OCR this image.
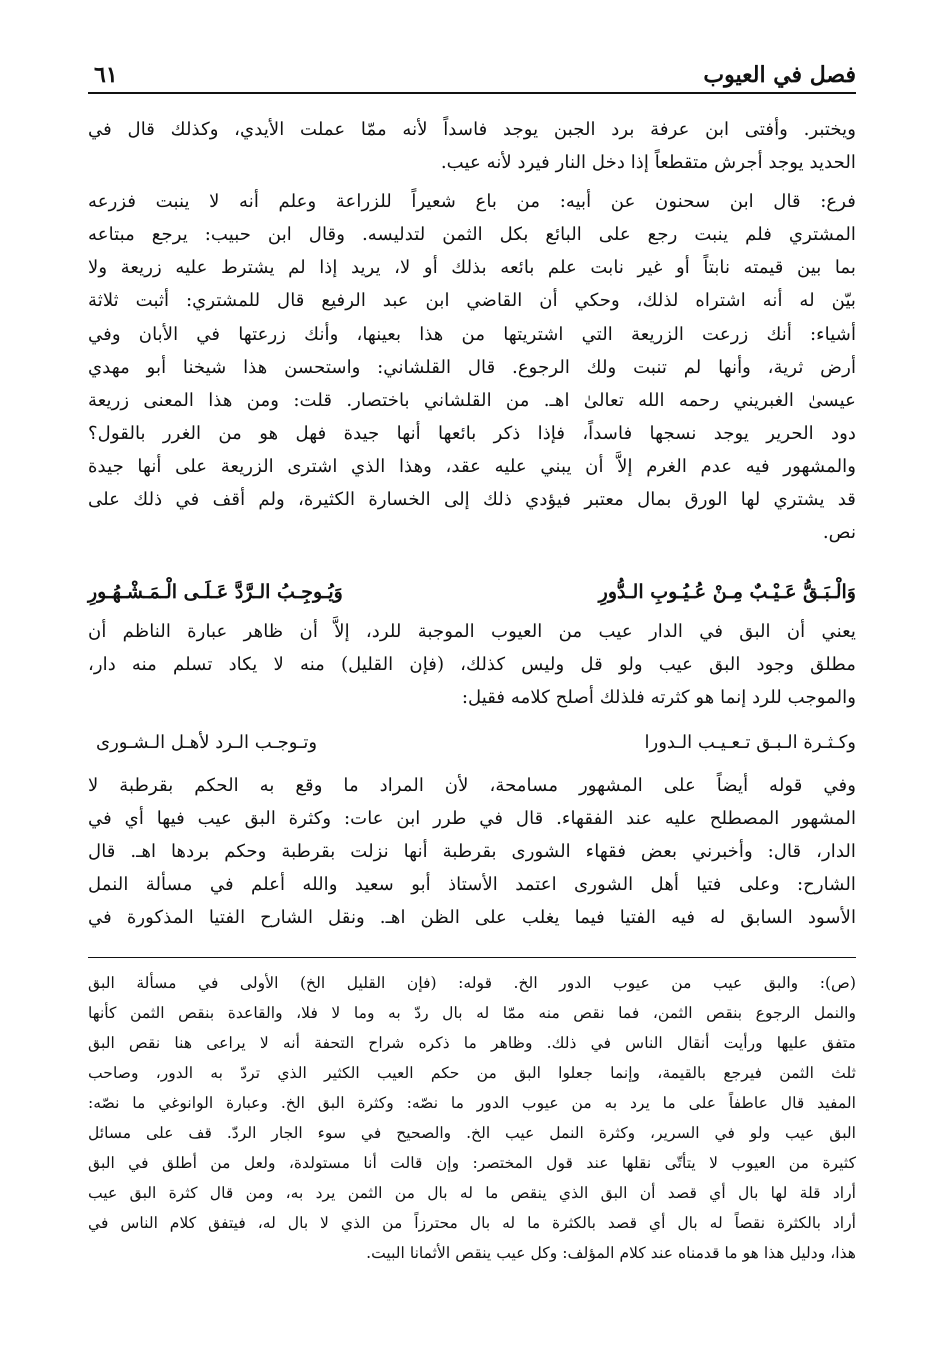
فصل في العيوب
٦١
ويختبر. وأفتى ابن عرفة برد الجبن يوجد فاسداً لأنه ممّا عملت الأيدي، وكذلك قال في
الحديد يوجد أجرش متقطعاً إذا دخل النار فيرد لأنه عيب.
فرع: قال ابن سحنون عن أبيه: من باع شعيراً للزراعة وعلم أنه لا ينبت فزرعه
المشتري فلم ينبت رجع على البائع بكل الثمن لتدليسه. وقال ابن حبيب: يرجع مبتاعه
بما بين قيمته نابتاً أو غير نابت علم بائعه بذلك أو لا، يريد إذا لم يشترط عليه زريعة ولا
بيّن له أنه اشتراه لذلك، وحكي أن القاضي ابن عبد الرفيع قال للمشتري: أثبت ثلاثة
أشياء: أنك زرعت الزريعة التي اشتريتها من هذا بعينها، وأنك زرعتها في الأبان وفي
أرض ثرية، وأنها لم تنبت ولك الرجوع. قال القلشاني: واستحسن هذا شيخنا أبو مهدي
عيسىٰ الغبريني رحمه الله تعالىٰ اهـ. من القلشاني باختصار. قلت: ومن هذا المعنى زريعة
دود الحرير يوجد نسجها فاسداً، فإذا ذكر بائعها أنها جيدة فهل هو من الغرر بالقول؟
والمشهور فيه عدم الغرم إلاَّ أن يبني عليه عقد، وهذا الذي اشترى الزريعة على أنها جيدة
قد يشتري لها الورق بمال معتبر فيؤدي ذلك إلى الخسارة الكثيرة، ولم أقف في ذلك على
نص.
وَالْـبَـقُّ عَـيْـبٌ مِـنْ عُـيُـوبِ الـدُّورِ
وَيُـوجِـبُ الـرَّدَّ عَـلَـى الْـمَـشْـهُـورِ
يعني أن البق في الدار عيب من العيوب الموجبة للرد، إلاَّ أن ظاهر عبارة الناظم أن
مطلق وجود البق عيب ولو قل وليس كذلك، (فإن القليل) منه لا يكاد تسلم منه دار،
والموجب للرد إنما هو كثرته فلذلك أصلح كلامه فقيل:
وكـثـرة الـبـق تـعـيـب الـدورا
وتـوجـب الـرد لأهـل الـشـورى
وفي قوله أيضاً على المشهور مسامحة، لأن المراد ما وقع به الحكم بقرطبة لا
المشهور المصطلح عليه عند الفقهاء. قال في طرر ابن عات: وكثرة البق عيب فيها أي في
الدار، قال: وأخبرني بعض فقهاء الشورى بقرطبة أنها نزلت بقرطبة وحكم بردها اهـ. قال
الشارح: وعلى فتيا أهل الشورى اعتمد الأستاذ أبو سعيد والله أعلم في مسألة النمل
الأسود السابق له فيه الفتيا فيما يغلب على الظن اهـ. ونقل الشارح الفتيا المذكورة في
(ص): والبق عيب من عيوب الدور الخ. قوله: (فإن القليل الخ) الأولى في مسألة البق
والنمل الرجوع بنقص الثمن، فما نقص منه ممّا له بال ردّ به وما لا فلا، والقاعدة بنقص الثمن كأنها
متفق عليها ورأيت أنقال الناس في ذلك. وظاهر ما ذكره شراح التحفة أنه لا يراعى هنا نقص البق
ثلث الثمن فيرجع بالقيمة، وإنما جعلوا البق من حكم العيب الكثير الذي تردّ به الدور، وصاحب
المفيد قال عاطفاً على ما يرد به من عيوب الدور ما نصّه: وكثرة البق الخ. وعبارة الوانوغي ما نصّه:
البق عيب ولو في السرير، وكثرة النمل عيب الخ. والصحيح في سوء الجار الردّ. قف على مسائل
كثيرة من العيوب لا يتأتّى نقلها عند قول المختصر: وإن قالت أنا مستولدة، ولعل من أطلق في البق
أراد قلة لها بال أي قصد أن البق الذي ينقص ما له بال من الثمن يرد به، ومن قال كثرة البق عيب
أراد بالكثرة نقصاً له بال أي قصد بالكثرة ما له بال محترزاً من الذي لا بال له، فيتفق كلام الناس في
هذا، ودليل هذا هو ما قدمناه عند كلام المؤلف: وكل عيب ينقص الأثمانا البيت.
